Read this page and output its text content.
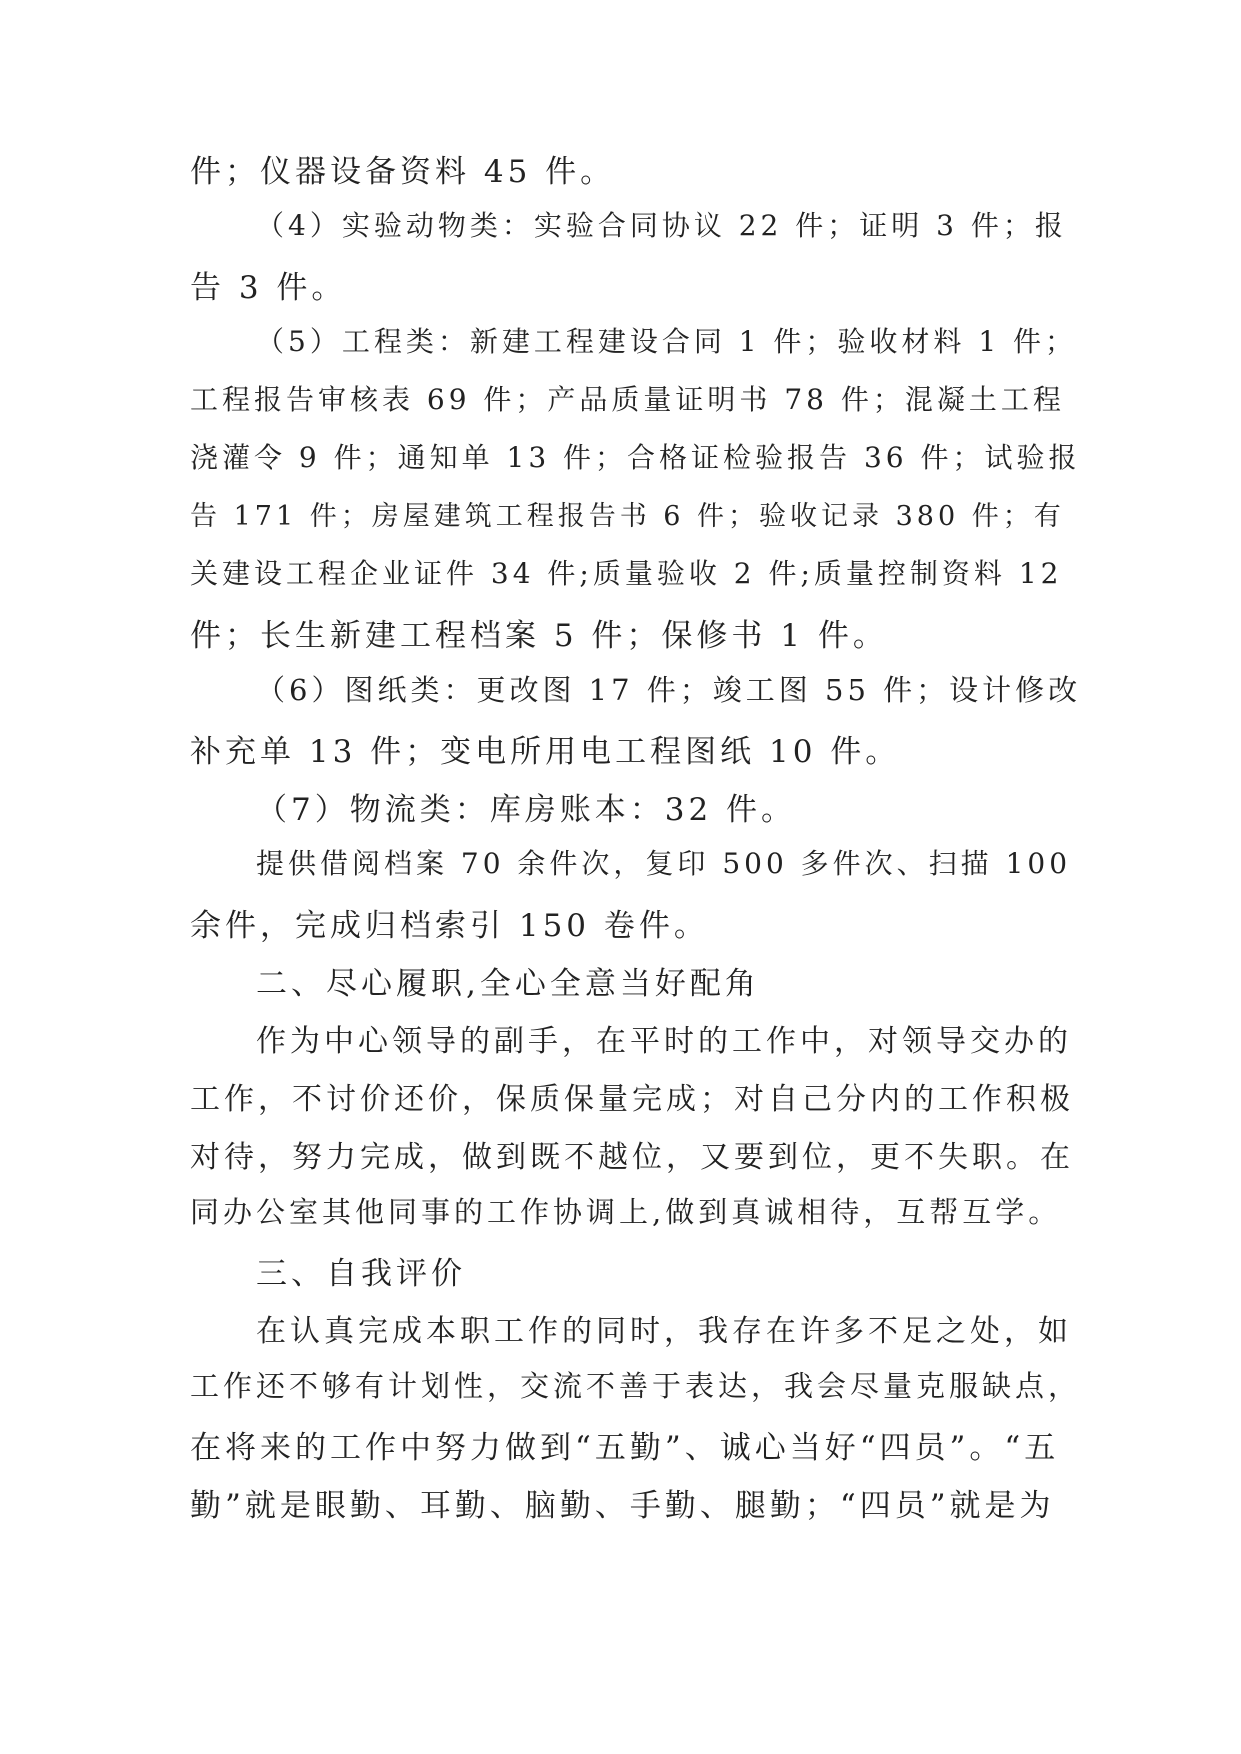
件；仪器设备资料 45 件。
（4）实验动物类：实验合同协议 22 件；证明 3 件；报
告 3 件。
（5）工程类：新建工程建设合同 1 件；验收材料 1 件；
工程报告审核表 69 件；产品质量证明书 78 件；混凝土工程
浇灌令 9 件；通知单 13 件；合格证检验报告 36 件；试验报
告 171 件；房屋建筑工程报告书 6 件；验收记录 380 件；有
关建设工程企业证件 34 件;质量验收 2 件;质量控制资料 12
件；长生新建工程档案 5 件；保修书 1 件。
（6）图纸类：更改图 17 件；竣工图 55 件；设计修改
补充单 13 件；变电所用电工程图纸 10 件。
（7）物流类：库房账本：32 件。
提供借阅档案 70 余件次，复印 500 多件次、扫描 100
余件，完成归档索引 150 卷件。
二、尽心履职,全心全意当好配角
作为中心领导的副手，在平时的工作中，对领导交办的
工作，不讨价还价，保质保量完成；对自己分内的工作积极
对待，努力完成，做到既不越位，又要到位，更不失职。在
同办公室其他同事的工作协调上,做到真诚相待，互帮互学。
三、自我评价
在认真完成本职工作的同时，我存在许多不足之处，如
工作还不够有计划性，交流不善于表达，我会尽量克服缺点，
在将来的工作中努力做到“五勤”、诚心当好“四员”。“五
勤”就是眼勤、耳勤、脑勤、手勤、腿勤；“四员”就是为
